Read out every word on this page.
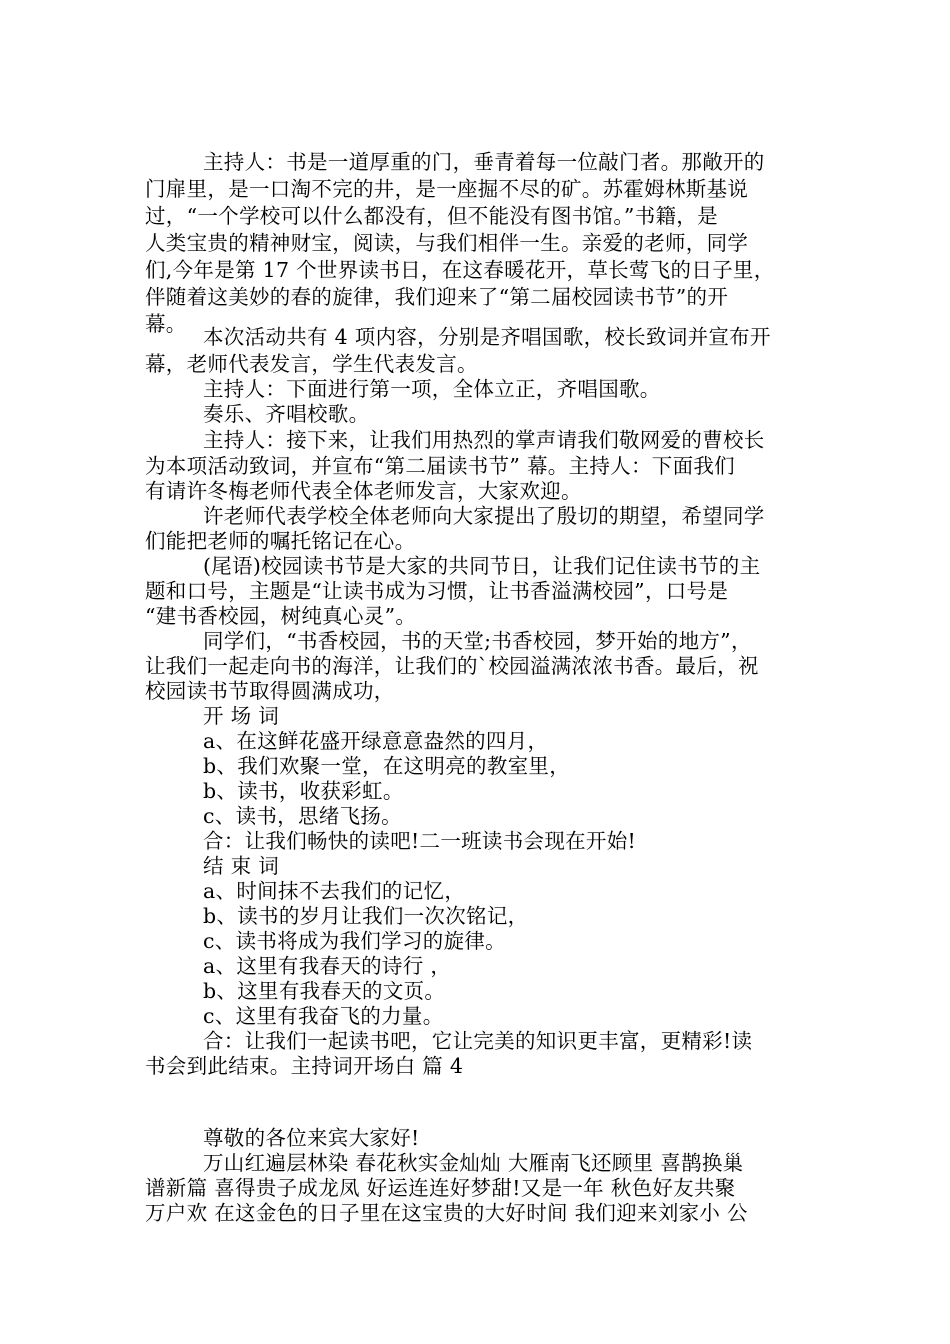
主持人：书是一道厚重的门，垂青着每一位敲门者。那敞开的
门扉里，是一口淘不完的井，是一座掘不尽的矿。苏霍姆林斯基说
过，“一个学校可以什么都没有，但不能没有图书馆。”书籍，是
人类宝贵的精神财宝，阅读，与我们相伴一生。亲爱的老师，同学
们,今年是第 17 个世界读书日，在这春暖花开，草长莺飞的日子里，
伴随着这美妙的春的旋律，我们迎来了“第二届校园读书节”的开
幕。
本次活动共有 4 项内容，分别是齐唱国歌，校长致词并宣布开
幕，老师代表发言，学生代表发言。
主持人：下面进行第一项，全体立正，齐唱国歌。
奏乐、齐唱校歌。
主持人：接下来，让我们用热烈的掌声请我们敬网爱的曹校长
为本项活动致词，并宣布“第二届读书节” 幕。主持人：下面我们
有请许冬梅老师代表全体老师发言，大家欢迎。
许老师代表学校全体老师向大家提出了殷切的期望，希望同学
们能把老师的嘱托铭记在心。
(尾语)校园读书节是大家的共同节日，让我们记住读书节的主
题和口号，主题是“让读书成为习惯，让书香溢满校园”，口号是
“建书香校园，树纯真心灵”。
同学们，“书香校园，书的天堂;书香校园，梦开始的地方”，
让我们一起走向书的海洋，让我们的`校园溢满浓浓书香。最后，祝
校园读书节取得圆满成功，
开 场 词
a、在这鲜花盛开绿意意盎然的四月，
b、我们欢聚一堂，在这明亮的教室里，
b、读书，收获彩虹。
c、读书，思绪飞扬。
合：让我们畅快的读吧!二一班读书会现在开始!
结 束 词
a、时间抹不去我们的记忆，
b、读书的岁月让我们一次次铭记，
c、读书将成为我们学习的旋律。
a、这里有我春天的诗行 ，
b、这里有我春天的文页。
c、这里有我奋飞的力量。
合：让我们一起读书吧，它让完美的知识更丰富，更精彩!读
书会到此结束。主持词开场白 篇 4
尊敬的各位来宾大家好!
万山红遍层林染 春花秋实金灿灿 大雁南飞还顾里 喜鹊换巢
谱新篇 喜得贵子成龙凤 好运连连好梦甜!又是一年 秋色好友共聚
万户欢 在这金色的日子里在这宝贵的大好时间 我们迎来刘家小 公
